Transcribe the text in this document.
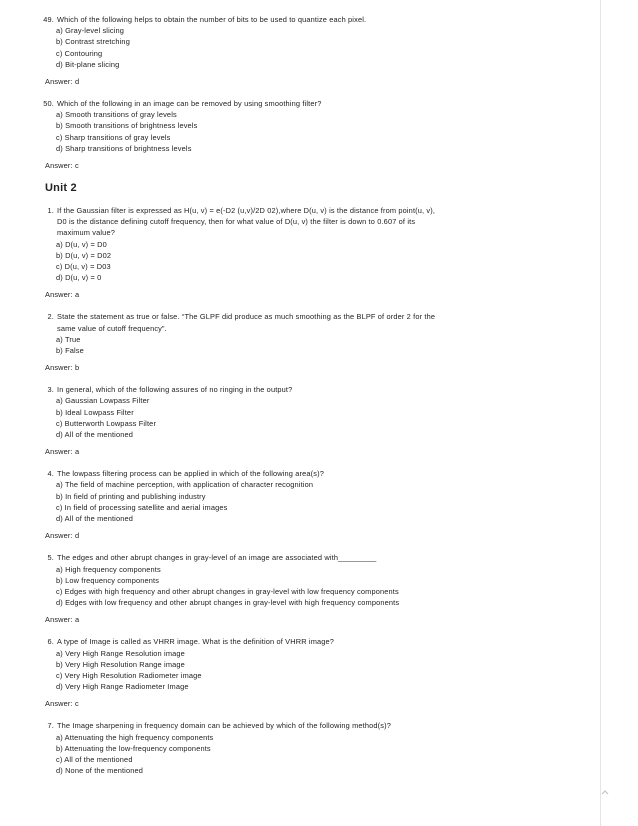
49. Which of the following helps to obtain the number of bits to be used to quantize each pixel.
a) Gray-level slicing
b) Contrast stretching
c) Contouring
d) Bit-plane slicing
Answer: d
50. Which of the following in an image can be removed by using smoothing filter?
a) Smooth transitions of gray levels
b) Smooth transitions of brightness levels
c) Sharp transitions of gray levels
d) Sharp transitions of brightness levels
Answer: c
Unit 2
1. If the Gaussian filter is expressed as H(u, v) = e(-D2 (u,v)/2D 02),where D(u, v) is the distance from point(u, v), D0 is the distance defining cutoff frequency, then for what value of D(u, v) the filter is down to 0.607 of its maximum value?
a) D(u, v) = D0
b) D(u, v) = D02
c) D(u, v) = D03
d) D(u, v) = 0
Answer: a
2. State the statement as true or false. “The GLPF did produce as much smoothing as the BLPF of order 2 for the same value of cutoff frequency”.
a) True
b) False
Answer: b
3. In general, which of the following assures of no ringing in the output?
a) Gaussian Lowpass Filter
b) Ideal Lowpass Filter
c) Butterworth Lowpass Filter
d) All of the mentioned
Answer: a
4. The lowpass filtering process can be applied in which of the following area(s)?
a) The field of machine perception, with application of character recognition
b) In field of printing and publishing industry
c) In field of processing satellite and aerial images
d) All of the mentioned
Answer: d
5. The edges and other abrupt changes in gray-level of an image are associated with_________
a) High frequency components
b) Low frequency components
c) Edges with high frequency and other abrupt changes in gray-level with low frequency components
d) Edges with low frequency and other abrupt changes in gray-level with high frequency components
Answer: a
6. A type of Image is called as VHRR image. What is the definition of VHRR image?
a) Very High Range Resolution image
b) Very High Resolution Range image
c) Very High Resolution Radiometer image
d) Very High Range Radiometer Image
Answer: c
7. The Image sharpening in frequency domain can be achieved by which of the following method(s)?
a) Attenuating the high frequency components
b) Attenuating the low-frequency components
c) All of the mentioned
d) None of the mentioned
